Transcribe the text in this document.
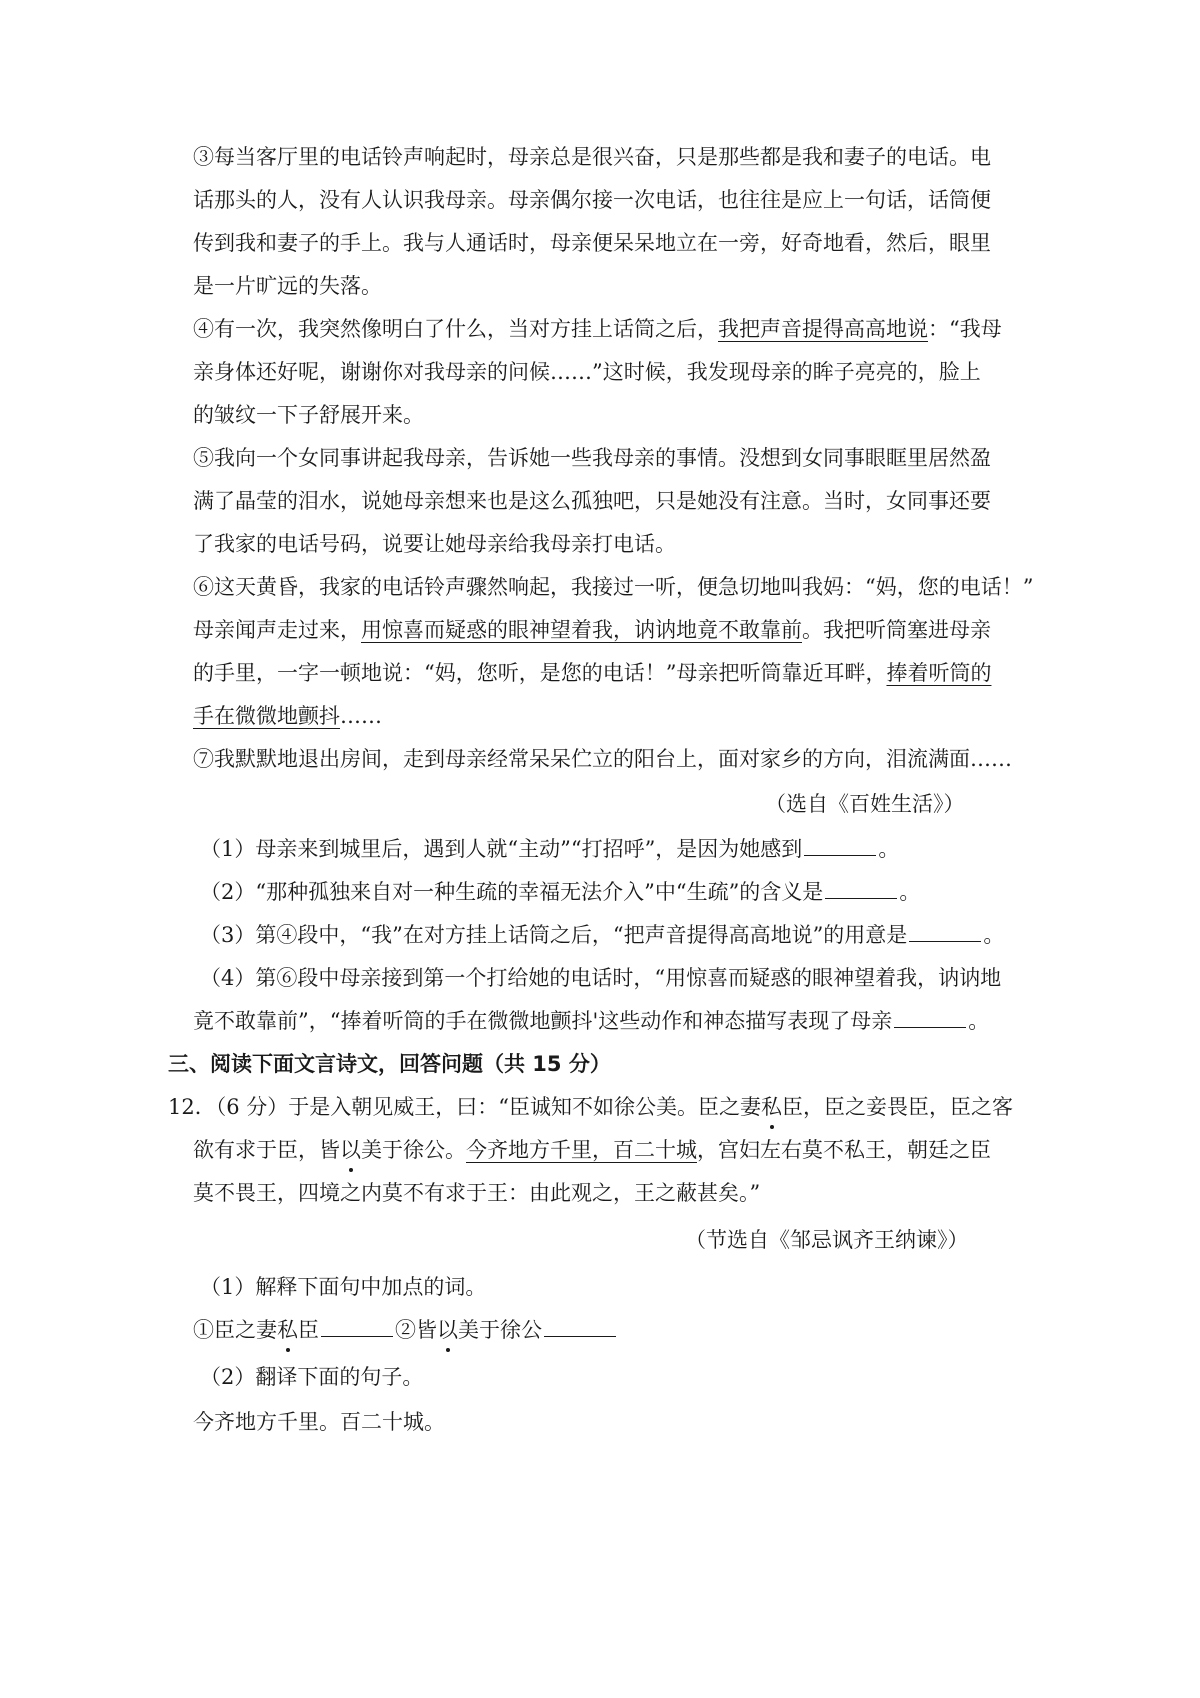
③每当客厅里的电话铃声响起时，母亲总是很兴奋，只是那些都是我和妻子的电话。电
话那头的人，没有人认识我母亲。母亲偶尔接一次电话，也往往是应上一句话，话筒便
传到我和妻子的手上。我与人通话时，母亲便呆呆地立在一旁，好奇地看，然后，眼里
是一片旷远的失落。
④有一次，我突然像明白了什么，当对方挂上话筒之后，我把声音提得高高地说：“我母
亲身体还好呢，谢谢你对我母亲的问候……”这时候，我发现母亲的眸子亮亮的，脸上
的皱纹一下子舒展开来。
⑤我向一个女同事讲起我母亲，告诉她一些我母亲的事情。没想到女同事眼眶里居然盈
满了晶莹的泪水，说她母亲想来也是这么孤独吧，只是她没有注意。当时，女同事还要
了我家的电话号码，说要让她母亲给我母亲打电话。
⑥这天黄昏，我家的电话铃声骤然响起，我接过一听，便急切地叫我妈：“妈，您的电话！”
母亲闻声走过来，用惊喜而疑惑的眼神望着我，讷讷地竟不敢靠前。我把听筒塞进母亲
的手里，一字一顿地说：“妈，您听，是您的电话！”母亲把听筒靠近耳畔，捧着听筒的
手在微微地颤抖……
⑦我默默地退出房间，走到母亲经常呆呆伫立的阳台上，面对家乡的方向，泪流满面……
（选自《百姓生活》）
（1）母亲来到城里后，遇到人就“主动”“打招呼”，是因为她感到	。
（2）“那种孤独来自对一种生疏的幸福无法介入”中“生疏”的含义是	。
（3）第④段中，“我”在对方挂上话筒之后，“把声音提得高高地说”的用意是	。
（4）第⑥段中母亲接到第一个打给她的电话时，“用惊喜而疑惑的眼神望着我，讷讷地
竟不敢靠前”，“捧着听筒的手在微微地颤抖'这些动作和神态描写表现了母亲	。
三、阅读下面文言诗文，回答问题（共 15 分）
12．（6 分）于是入朝见威王，曰：“臣诚知不如徐公美。臣之妻私臣，臣之妾畏臣，臣之客
欲有求于臣，皆以美于徐公。今齐地方千里，百二十城，宫妇左右莫不私王，朝廷之臣
莫不畏王，四境之内莫不有求于王：由此观之，王之蔽甚矣。”
（节选自《邹忌讽齐王纳谏》）
（1）解释下面句中加点的词。
①臣之妻私臣	②皆以美于徐公
（2）翻译下面的句子。
今齐地方千里。百二十城。
